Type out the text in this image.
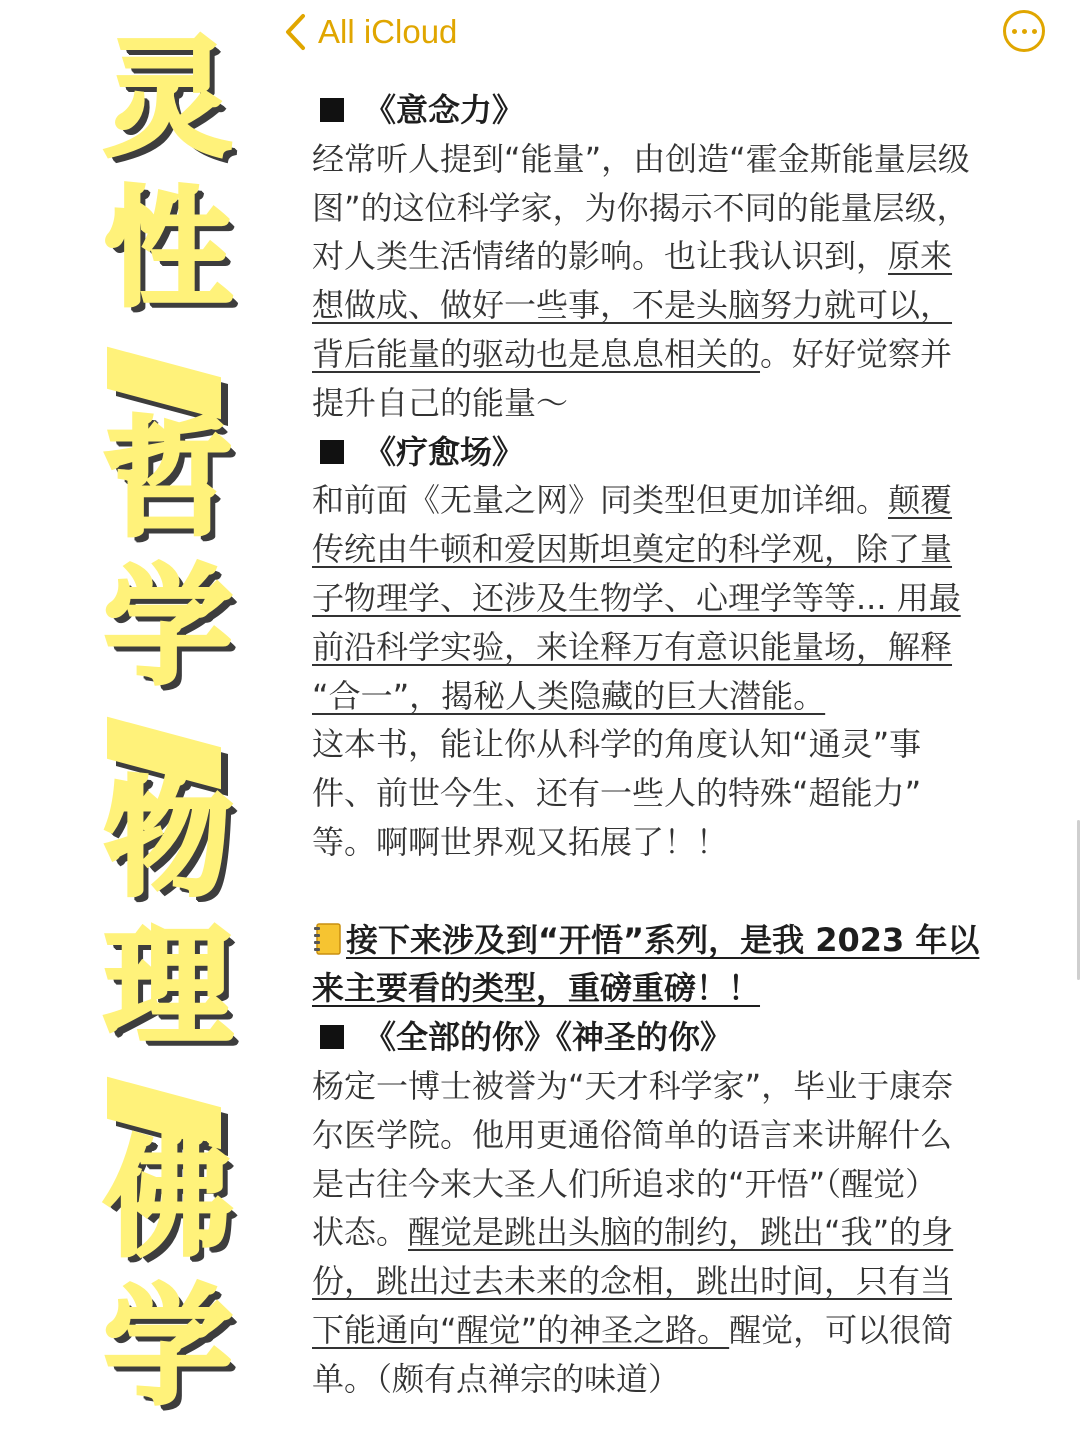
All iCloud
灵
性
哲
学
物
理
佛
学
《意念力》
经常听人提到“能量”，由创造“霍金斯能量层级
图”的这位科学家，为你揭示不同的能量层级，
对人类生活情绪的影响。也让我认识到，原来
想做成、做好一些事，不是头脑努力就可以，
背后能量的驱动也是息息相关的。好好觉察并
提升自己的能量～
《疗愈场》
和前面《无量之网》同类型但更加详细。颠覆
传统由牛顿和爱因斯坦奠定的科学观，除了量
子物理学、还涉及生物学、心理学等等... 用最
前沿科学实验，来诠释万有意识能量场，解释
“合一”，揭秘人类隐藏的巨大潜能。
这本书，能让你从科学的角度认知“通灵”事
件、前世今生、还有一些人的特殊“超能力”
等。啊啊世界观又拓展了！！
接下来涉及到“开悟”系列，是我 2023 年以
来主要看的类型，重磅重磅！！
《全部的你》《神圣的你》
杨定一博士被誉为“天才科学家”，毕业于康奈
尔医学院。他用更通俗简单的语言来讲解什么
是古往今来大圣人们所追求的“开悟”（醒觉）
状态。醒觉是跳出头脑的制约，跳出“我”的身
份，跳出过去未来的念相，跳出时间，只有当
下能通向“醒觉”的神圣之路。醒觉，可以很简
单。（颇有点禅宗的味道）
